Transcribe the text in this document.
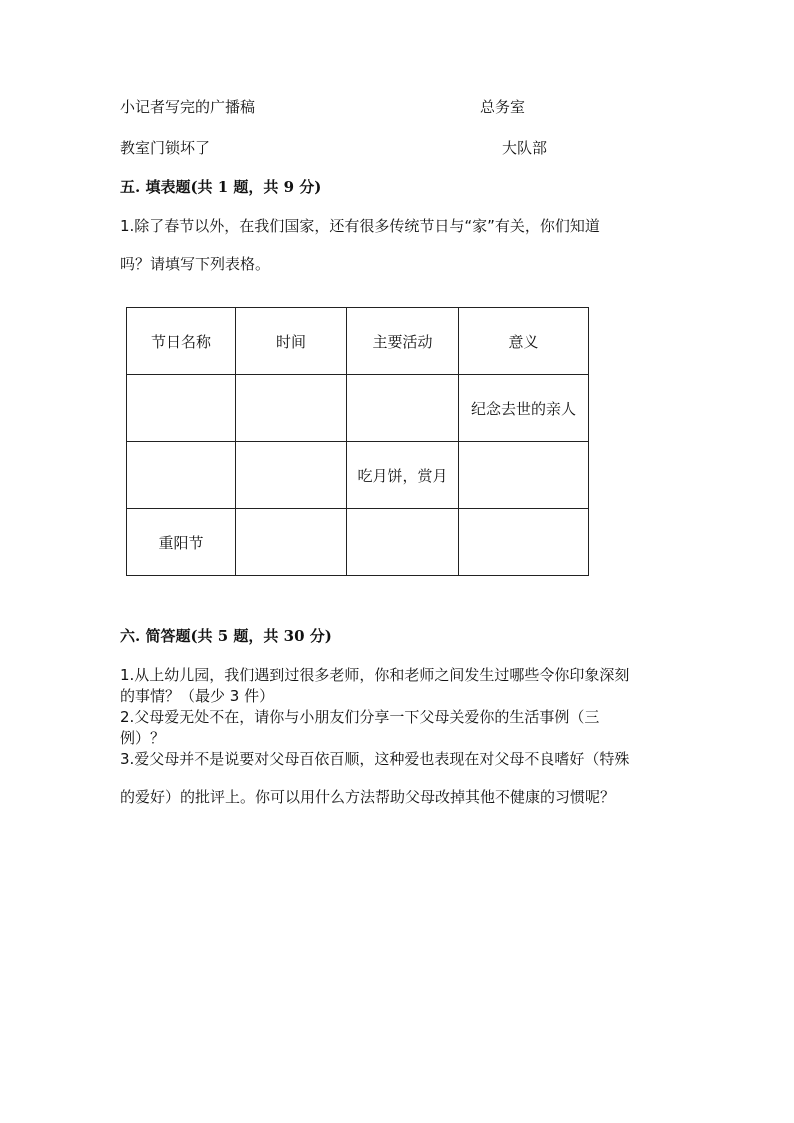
小记者写完的广播稿	总务室
教室门锁坏了	大队部
五. 填表题(共 1 题，共 9 分)
1.除了春节以外，在我们国家，还有很多传统节日与“家”有关，你们知道
吗？请填写下列表格。
节日名称	时间	主要活动	意义
			纪念去世的亲人
		吃月饼，赏月	
重阳节			
六. 简答题(共 5 题，共 30 分)
1.从上幼儿园，我们遇到过很多老师，你和老师之间发生过哪些令你印象深刻
的事情？（最少 3 件）
2.父母爱无处不在，请你与小朋友们分享一下父母关爱你的生活事例（三
例）？
3.爱父母并不是说要对父母百依百顺，这种爱也表现在对父母不良嗜好（特殊
的爱好）的批评上。你可以用什么方法帮助父母改掉其他不健康的习惯呢？
